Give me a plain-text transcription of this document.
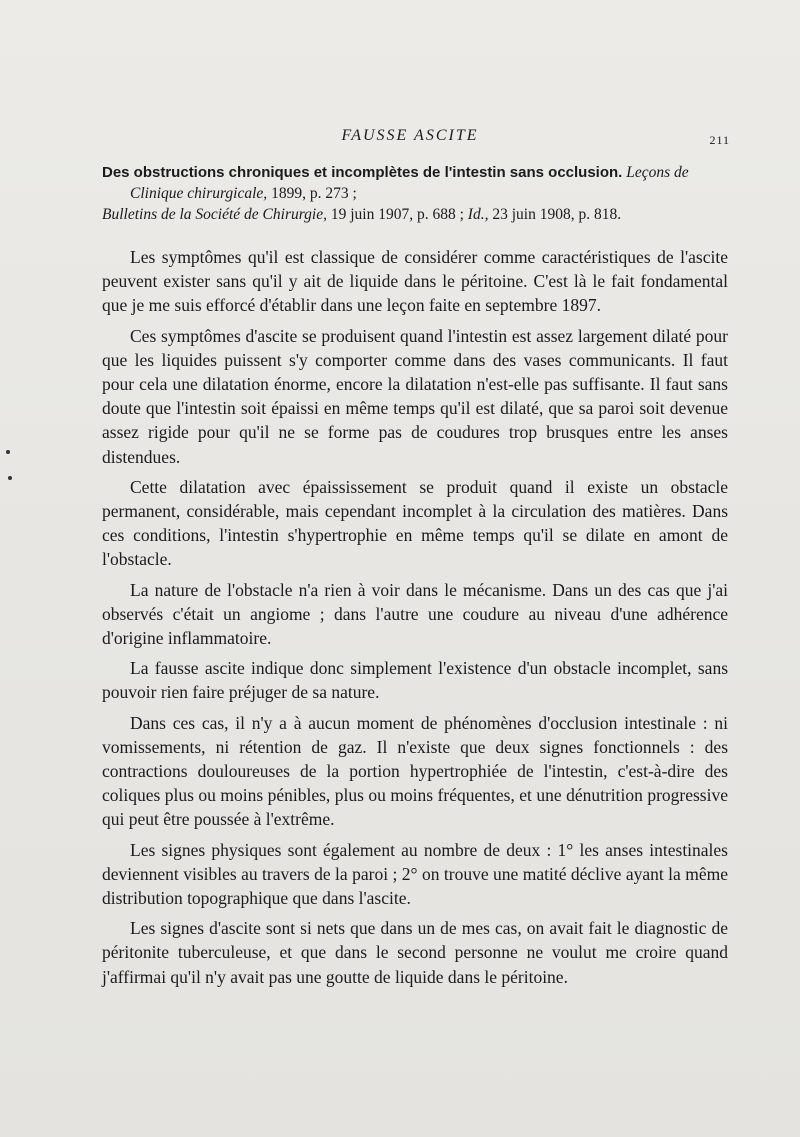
FAUSSE ASCITE	211

Des obstructions chroniques et incomplètes de l'intestin sans occlusion. Leçons de Clinique chirurgicale, 1899, p. 273 ;

Bulletins de la Société de Chirurgie, 19 juin 1907, p. 688 ; Id., 23 juin 1908, p. 818.

Les symptômes qu'il est classique de considérer comme caractéristiques de l'ascite peuvent exister sans qu'il y ait de liquide dans le péritoine. C'est là le fait fondamental que je me suis efforcé d'établir dans une leçon faite en septembre 1897.

Ces symptômes d'ascite se produisent quand l'intestin est assez largement dilaté pour que les liquides puissent s'y comporter comme dans des vases communicants. Il faut pour cela une dilatation énorme, encore la dilatation n'est-elle pas suffisante. Il faut sans doute que l'intestin soit épaissi en même temps qu'il est dilaté, que sa paroi soit devenue assez rigide pour qu'il ne se forme pas de coudures trop brusques entre les anses distendues.

Cette dilatation avec épaississement se produit quand il existe un obstacle permanent, considérable, mais cependant incomplet à la circulation des matières. Dans ces conditions, l'intestin s'hypertrophie en même temps qu'il se dilate en amont de l'obstacle.

La nature de l'obstacle n'a rien à voir dans le mécanisme. Dans un des cas que j'ai observés c'était un angiome ; dans l'autre une coudure au niveau d'une adhérence d'origine inflammatoire.

La fausse ascite indique donc simplement l'existence d'un obstacle incomplet, sans pouvoir rien faire préjuger de sa nature.

Dans ces cas, il n'y a à aucun moment de phénomènes d'occlusion intestinale : ni vomissements, ni rétention de gaz. Il n'existe que deux signes fonctionnels : des contractions douloureuses de la portion hypertrophiée de l'intestin, c'est-à-dire des coliques plus ou moins pénibles, plus ou moins fréquentes, et une dénutrition progressive qui peut être poussée à l'extrême.

Les signes physiques sont également au nombre de deux : 1° les anses intestinales deviennent visibles au travers de la paroi ; 2° on trouve une matité déclive ayant la même distribution topographique que dans l'ascite.

Les signes d'ascite sont si nets que dans un de mes cas, on avait fait le diagnostic de péritonite tuberculeuse, et que dans le second personne ne voulut me croire quand j'affirmai qu'il n'y avait pas une goutte de liquide dans le péritoine.
